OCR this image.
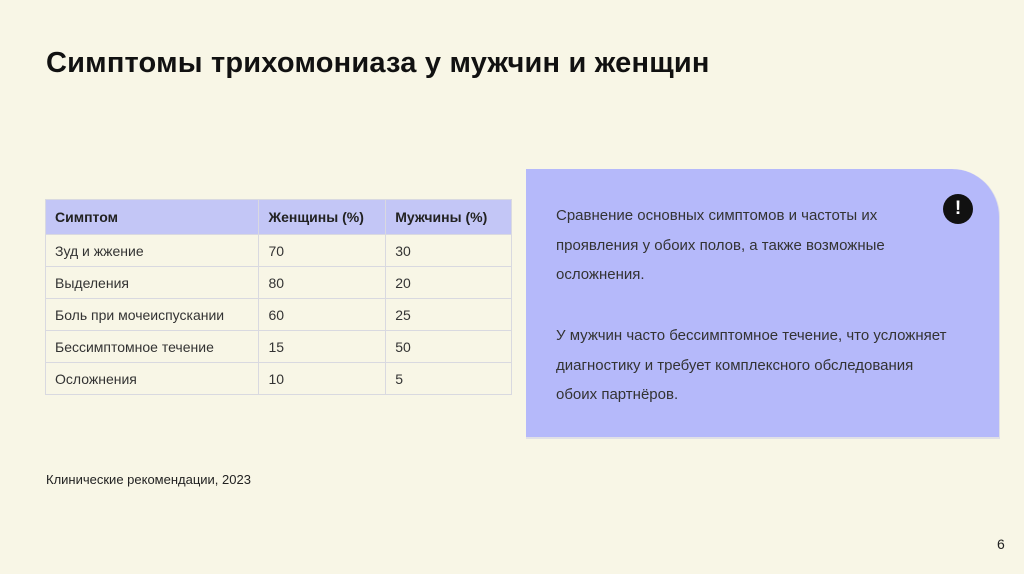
Симптомы трихомониаза у мужчин и женщин
Симптом	Женщины (%)	Мужчины (%)
Зуд и жжение	70	30
Выделения	80	20
Боль при мочеиспускании	60	25
Бессимптомное течение	15	50
Осложнения	10	5
Клинические рекомендации, 2023
!

Сравнение основных симптомов и частоты их проявления у обоих полов, а также возможные осложнения.

У мужчин часто бессимптомное течение, что усложняет диагностику и требует комплексного обследования обоих партнёров.

6
